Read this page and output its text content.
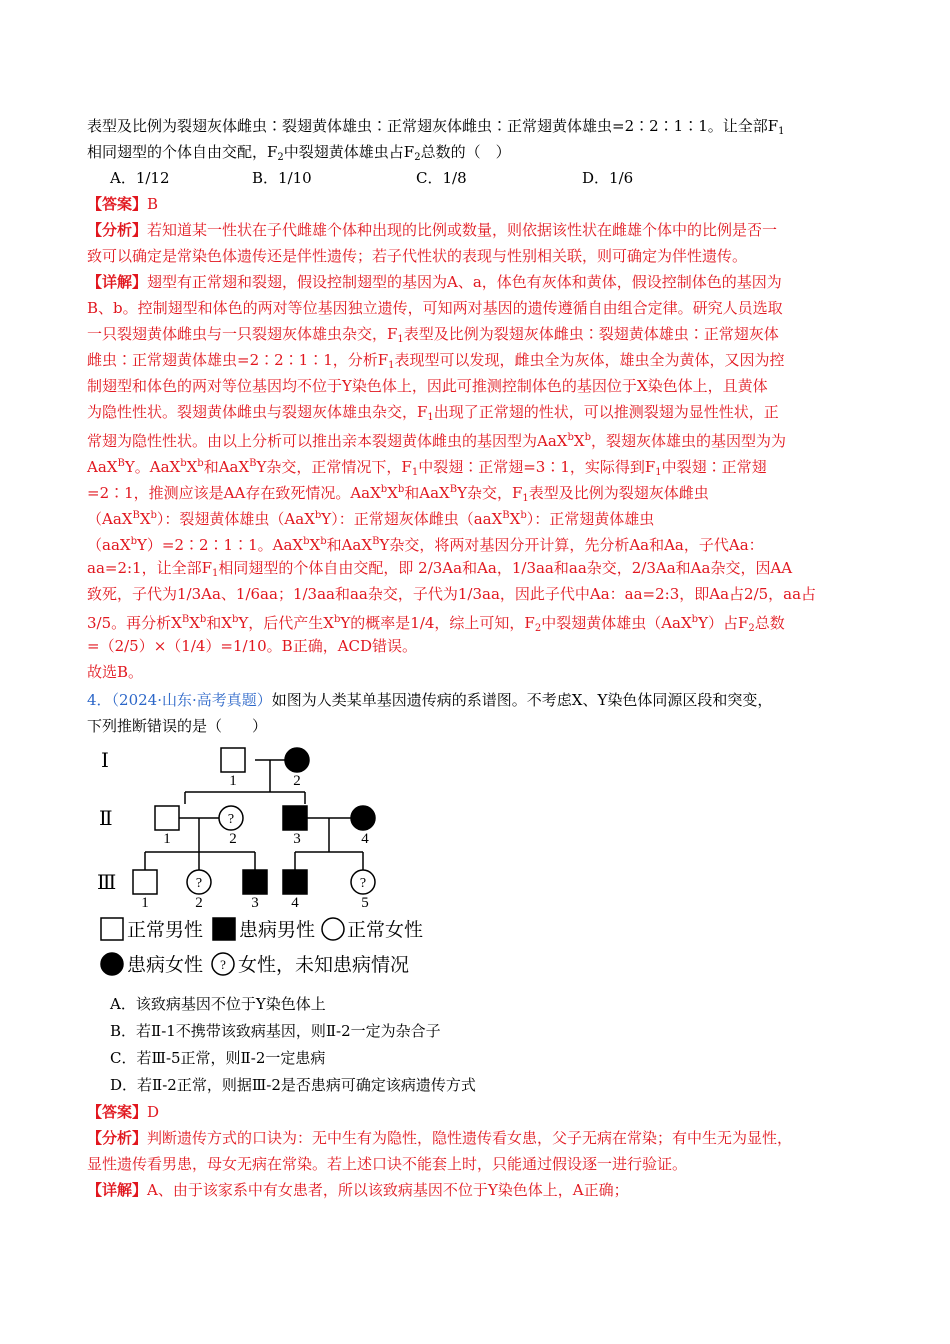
表型及比例为裂翅灰体雌虫∶裂翅黄体雄虫∶正常翅灰体雌虫∶正常翅黄体雄虫=2∶2∶1∶1。让全部$F_1$
相同翅型的个体自由交配，$F_2$中裂翅黄体雄虫占$F_2$总数的（　）
A．1/12	B．1/10	C．1/8	D．1/6
【答案】B
【分析】若知道某一性状在子代雌雄个体种出现的比例或数量，则依据该性状在雌雄个体中的比例是否一
致可以确定是常染色体遗传还是伴性遗传；若子代性状的表现与性别相关联，则可确定为伴性遗传。
【详解】翅型有正常翅和裂翅，假设控制翅型的基因为A、a，体色有灰体和黄体，假设控制体色的基因为
B、b。控制翅型和体色的两对等位基因独立遗传，可知两对基因的遗传遵循自由组合定律。研究人员选取
一只裂翅黄体雌虫与一只裂翅灰体雄虫杂交，$F_1$表型及比例为裂翅灰体雌虫∶裂翅黄体雄虫∶正常翅灰体
雌虫∶正常翅黄体雄虫=2∶2∶1∶1，分析$F_1$表现型可以发现，雌虫全为灰体，雄虫全为黄体，又因为控
制翅型和体色的两对等位基因均不位于Y染色体上，因此可推测控制体色的基因位于X染色体上，且黄体
为隐性性状。裂翅黄体雌虫与裂翅灰体雄虫杂交，$F_1$出现了正常翅的性状，可以推测裂翅为显性性状，正
常翅为隐性性状。由以上分析可以推出亲本裂翅黄体雌虫的基因型为$AaX^bX^b$，裂翅灰体雄虫的基因型为为
AaX$^B$Y。$AaX^bX^b$和AaX$^B$Y杂交，正常情况下，$F_1$中裂翅∶正常翅=3∶1，实际得到$F_1$中裂翅∶正常翅
=2∶1，推测应该是AA存在致死情况。$AaX^bX^b$和AaX$^B$Y杂交，$F_1$表型及比例为裂翅灰体雌虫
$(AaX^BX^b)$：裂翅黄体雄虫（AaX$^b$Y）：正常翅灰体雌虫$(aaX^BX^b)$：正常翅黄体雄虫
（aaX$^b$Y）=2∶2∶1∶1。$AaX^bX^b$和AaX$^B$Y杂交，将两对基因分开计算，先分析Aa和Aa，子代Aa：
aa=2:1，让全部$F_1$相同翅型的个体自由交配，即 2/3Aa和Aa，1/3aa和aa杂交，2/3Aa和Aa杂交，因AA
致死，子代为1/3Aa、1/6aa；1/3aa和aa杂交，子代为1/3aa，因此子代中Aa：aa=2:3，即Aa占2/5，aa占
3/5。再分析$X^BX^b$和$X^bY$，后代产生$X^bY$的概率是1/4，综上可知，$F_2$中裂翅黄体雄虫（AaX$^b$Y）占$F_2$总数
=（2/5）×（1/4）=1/10。B正确，ACD错误。
故选B。
4．（2024·山东·高考真题）如图为人类某单基因遗传病的系谱图。不考虑X、Y染色体同源区段和突变，
下列推断错误的是（　　）
?
?	?
Ⅰ
Ⅱ
Ⅲ
1	2
1	2	3	4
1	2	3 4	5
?
正常男性 患病男性 正常女性
患病女性 女性，未知患病情况
A．该致病基因不位于Y染色体上
B．若Ⅱ-1不携带该致病基因，则Ⅱ-2一定为杂合子
C．若Ⅲ-5正常，则Ⅱ-2一定患病
D．若Ⅱ-2正常，则据Ⅲ-2是否患病可确定该病遗传方式
【答案】D
【分析】判断遗传方式的口诀为：无中生有为隐性，隐性遗传看女患，父子无病在常染；有中生无为显性，
显性遗传看男患，母女无病在常染。若上述口诀不能套上时，只能通过假设逐一进行验证。
【详解】A、由于该家系中有女患者，所以该致病基因不位于Y染色体上，A正确；
